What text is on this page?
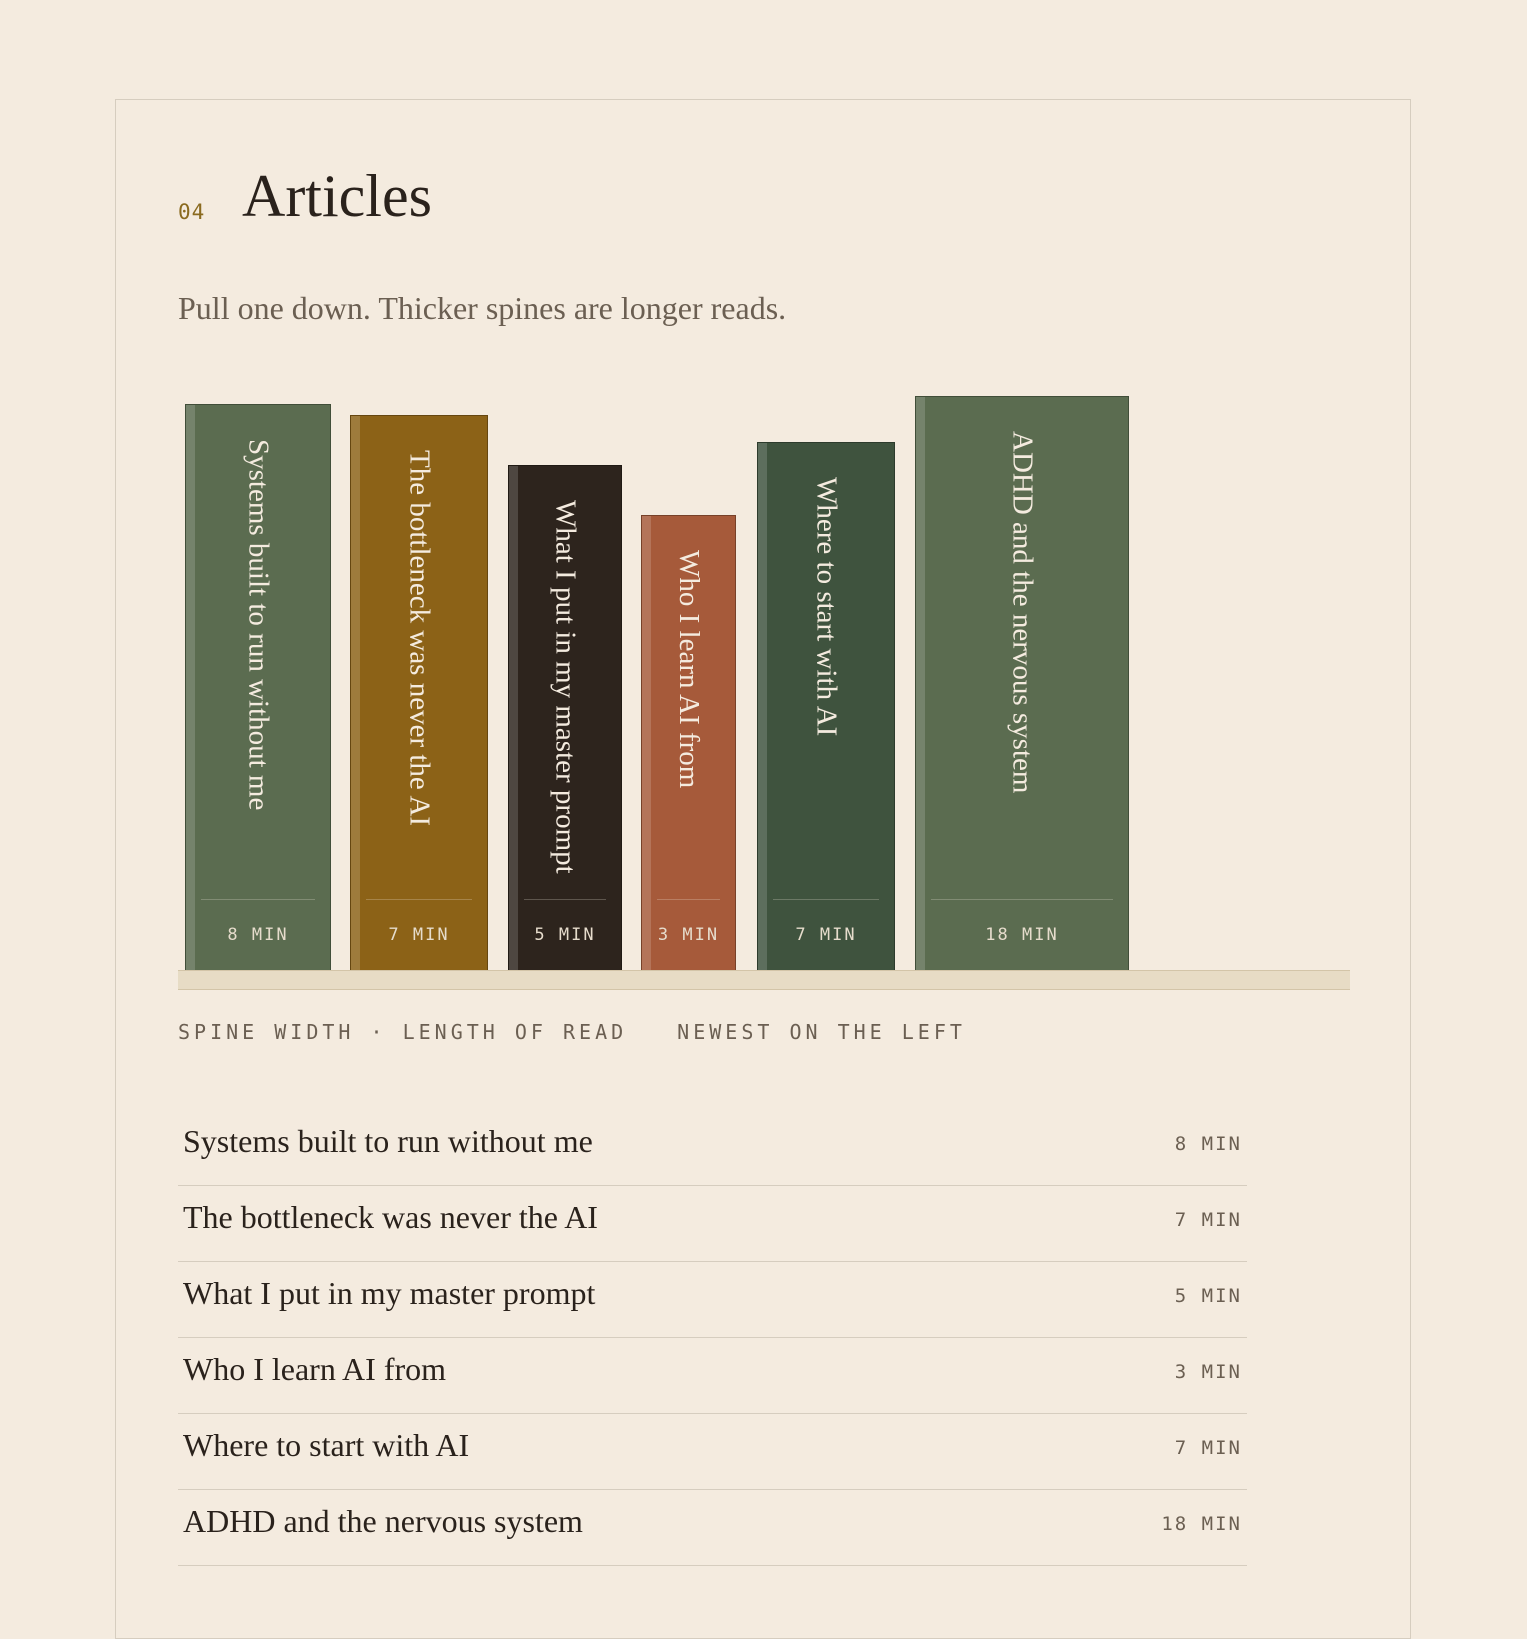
04 Articles

Pull one down. Thicker spines are longer reads.

Systems built to run without me
8 MIN
The bottleneck was never the AI
7 MIN
What I put in my master prompt
5 MIN
Who I learn AI from
3 MIN
Where to start with AI
7 MIN
ADHD and the nervous system
18 MIN
SPINE WIDTH · LENGTH OF READ	NEWEST ON THE LEFT
Systems built to run without me	8 MIN
The bottleneck was never the AI	7 MIN
What I put in my master prompt	5 MIN
Who I learn AI from	3 MIN
Where to start with AI	7 MIN
ADHD and the nervous system	18 MIN
